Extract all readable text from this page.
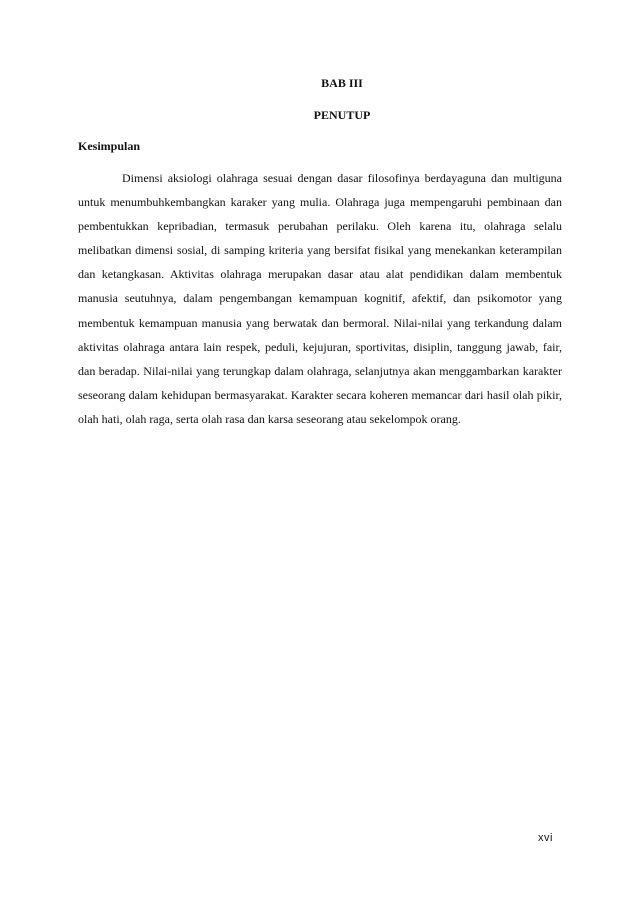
BAB III
PENUTUP
Kesimpulan

Dimensi aksiologi olahraga sesuai dengan dasar filosofinya berdayaguna dan multiguna untuk menumbuhkembangkan karaker yang mulia. Olahraga juga mempengaruhi pembinaan dan pembentukkan kepribadian, termasuk perubahan perilaku. Oleh karena itu, olahraga selalu melibatkan dimensi sosial, di samping kriteria yang bersifat fisikal yang menekankan keterampilan dan ketangkasan. Aktivitas olahraga merupakan dasar atau alat pendidikan dalam membentuk manusia seutuhnya, dalam pengembangan kemampuan kognitif, afektif, dan psikomotor yang membentuk kemampuan manusia yang berwatak dan bermoral. Nilai-nilai yang terkandung dalam aktivitas olahraga antara lain respek, peduli, kejujuran, sportivitas, disiplin, tanggung jawab, fair, dan beradap. Nilai-nilai yang terungkap dalam olahraga, selanjutnya akan menggambarkan karakter seseorang dalam kehidupan bermasyarakat. Karakter secara koheren memancar dari hasil olah pikir, olah hati, olah raga, serta olah rasa dan karsa seseorang atau sekelompok orang.

xvi
